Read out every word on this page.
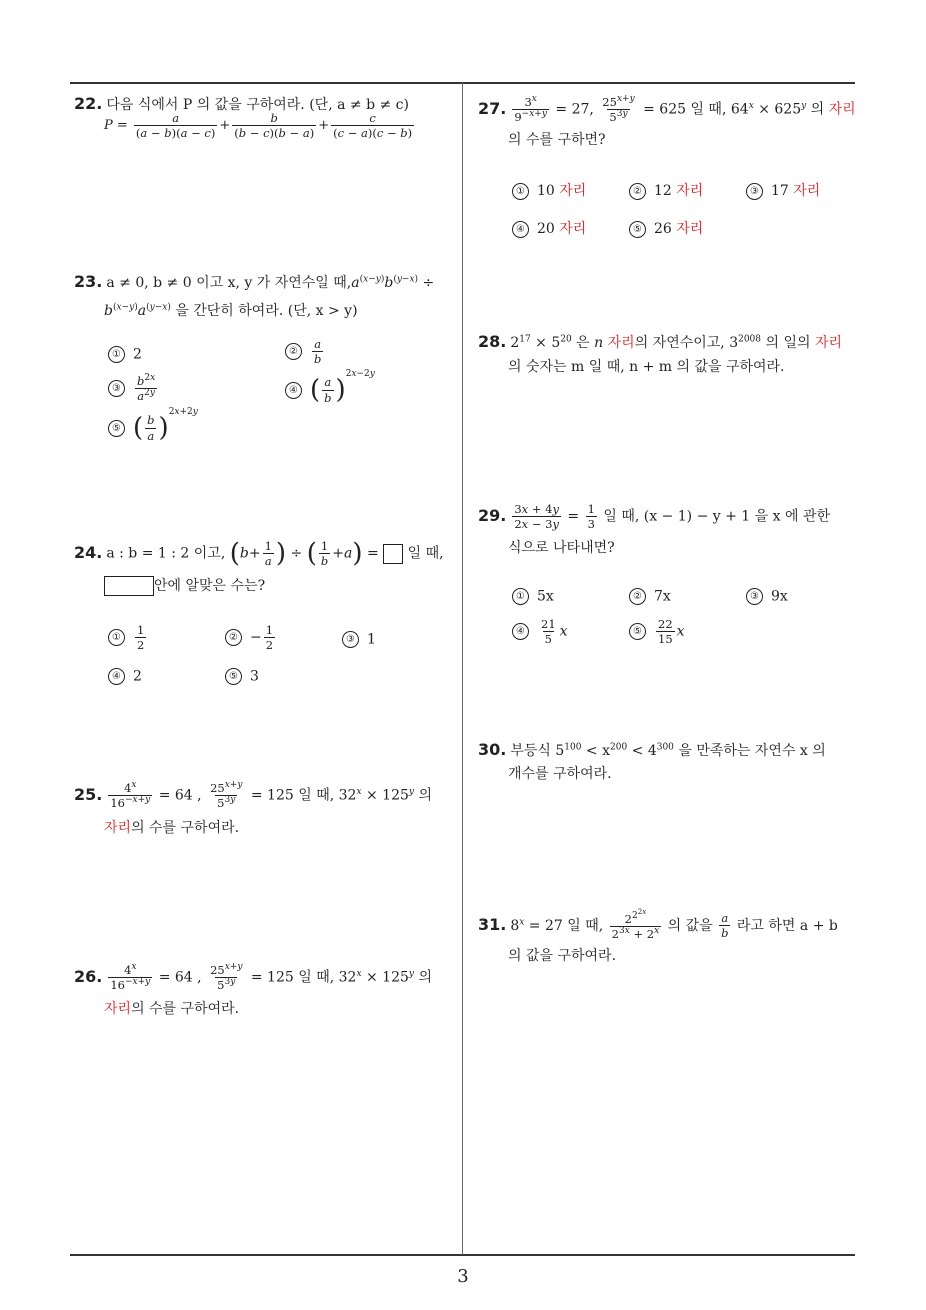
22. 다음 식에서 P 의 값을 구하여라. (단, a ≠ b ≠ c)
$P = \frac{a}{(a - b)(a - c)} + \frac{b}{(b - c)(b - a)} + \frac{c}{(c - a)(c - b)}$
23. a ≠ 0, b ≠ 0 이고 x, y 가 자연수일 때$,a^{(x-y)}b^{(y-x)}$ ÷
$b^{(x-y)}a^{(y-x)}$ 을 간단히 하여라. (단, x > y)
① 2	② $\frac{a}{b}$
③ $\frac{b^{2x}}{a^{2y}}$	④ ( $\frac{a}{b} )^{2x-2y}$
⑤ ( $\frac{b}{a} )^{2x+2y}$
24. a : b = 1 : 2 이고, ($b+ \frac{1}{a}$ ) ÷ ( $\frac{1}{b} +a$) =  일 때,
안에 알맞은 수는?
① $\frac{1}{2}$	② − $\frac{1}{2}$	③ 1
④ 2	⑤ 3
25. $\frac{4^x}{16^{-x+y}} = 64$ , $\frac{25^{x+y}}{5^{3y}} = 125$ 일 때, $32^x \times 125^y$ 의
자리의 수를 구하여라.
26. $\frac{4^x}{16^{-x+y}} = 64$ , $\frac{25^{x+y}}{5^{3y}} = 125$ 일 때, $32^x \times 125^y$ 의
자리의 수를 구하여라.
27. $\frac{3^x}{9^{-x+y}} = 27$, $\frac{25^{x+y}}{5^{3y}} = 625$ 일 때, $64^x \times 625^y$ 의 자리
의 수를 구하면?
① 10 자리	② 12 자리	③ 17 자리
④ 20 자리	⑤ 26 자리
28. $2^{17} \times 5^{20}$ 은 n 자리의 자연수이고, $3^{2008}$ 의 일의 자리
의 숫자는 m 일 때, n + m 의 값을 구하여라.
29. $\frac{3x + 4y}{2x - 3y} = \frac{1}{3}$ 일 때, (x − 1) − y + 1 을 x 에 관한
식으로 나타내면?
① 5x	② 7x	③ 9x
④ $\frac{21}{5}$ x	⑤ $\frac{22}{15}$ x
30. 부등식 $5^{100} < x^{200} < 4^{300}$ 을 만족하는 자연수 x 의
개수를 구하여라.
31. $8^x = 27$ 일 때, $\frac{2^{2^{2x}}}{2^{3x} + 2^x}$ 의 값을 $\frac{a}{b}$ 라고 하면 a + b
의 값을 구하여라.
3
